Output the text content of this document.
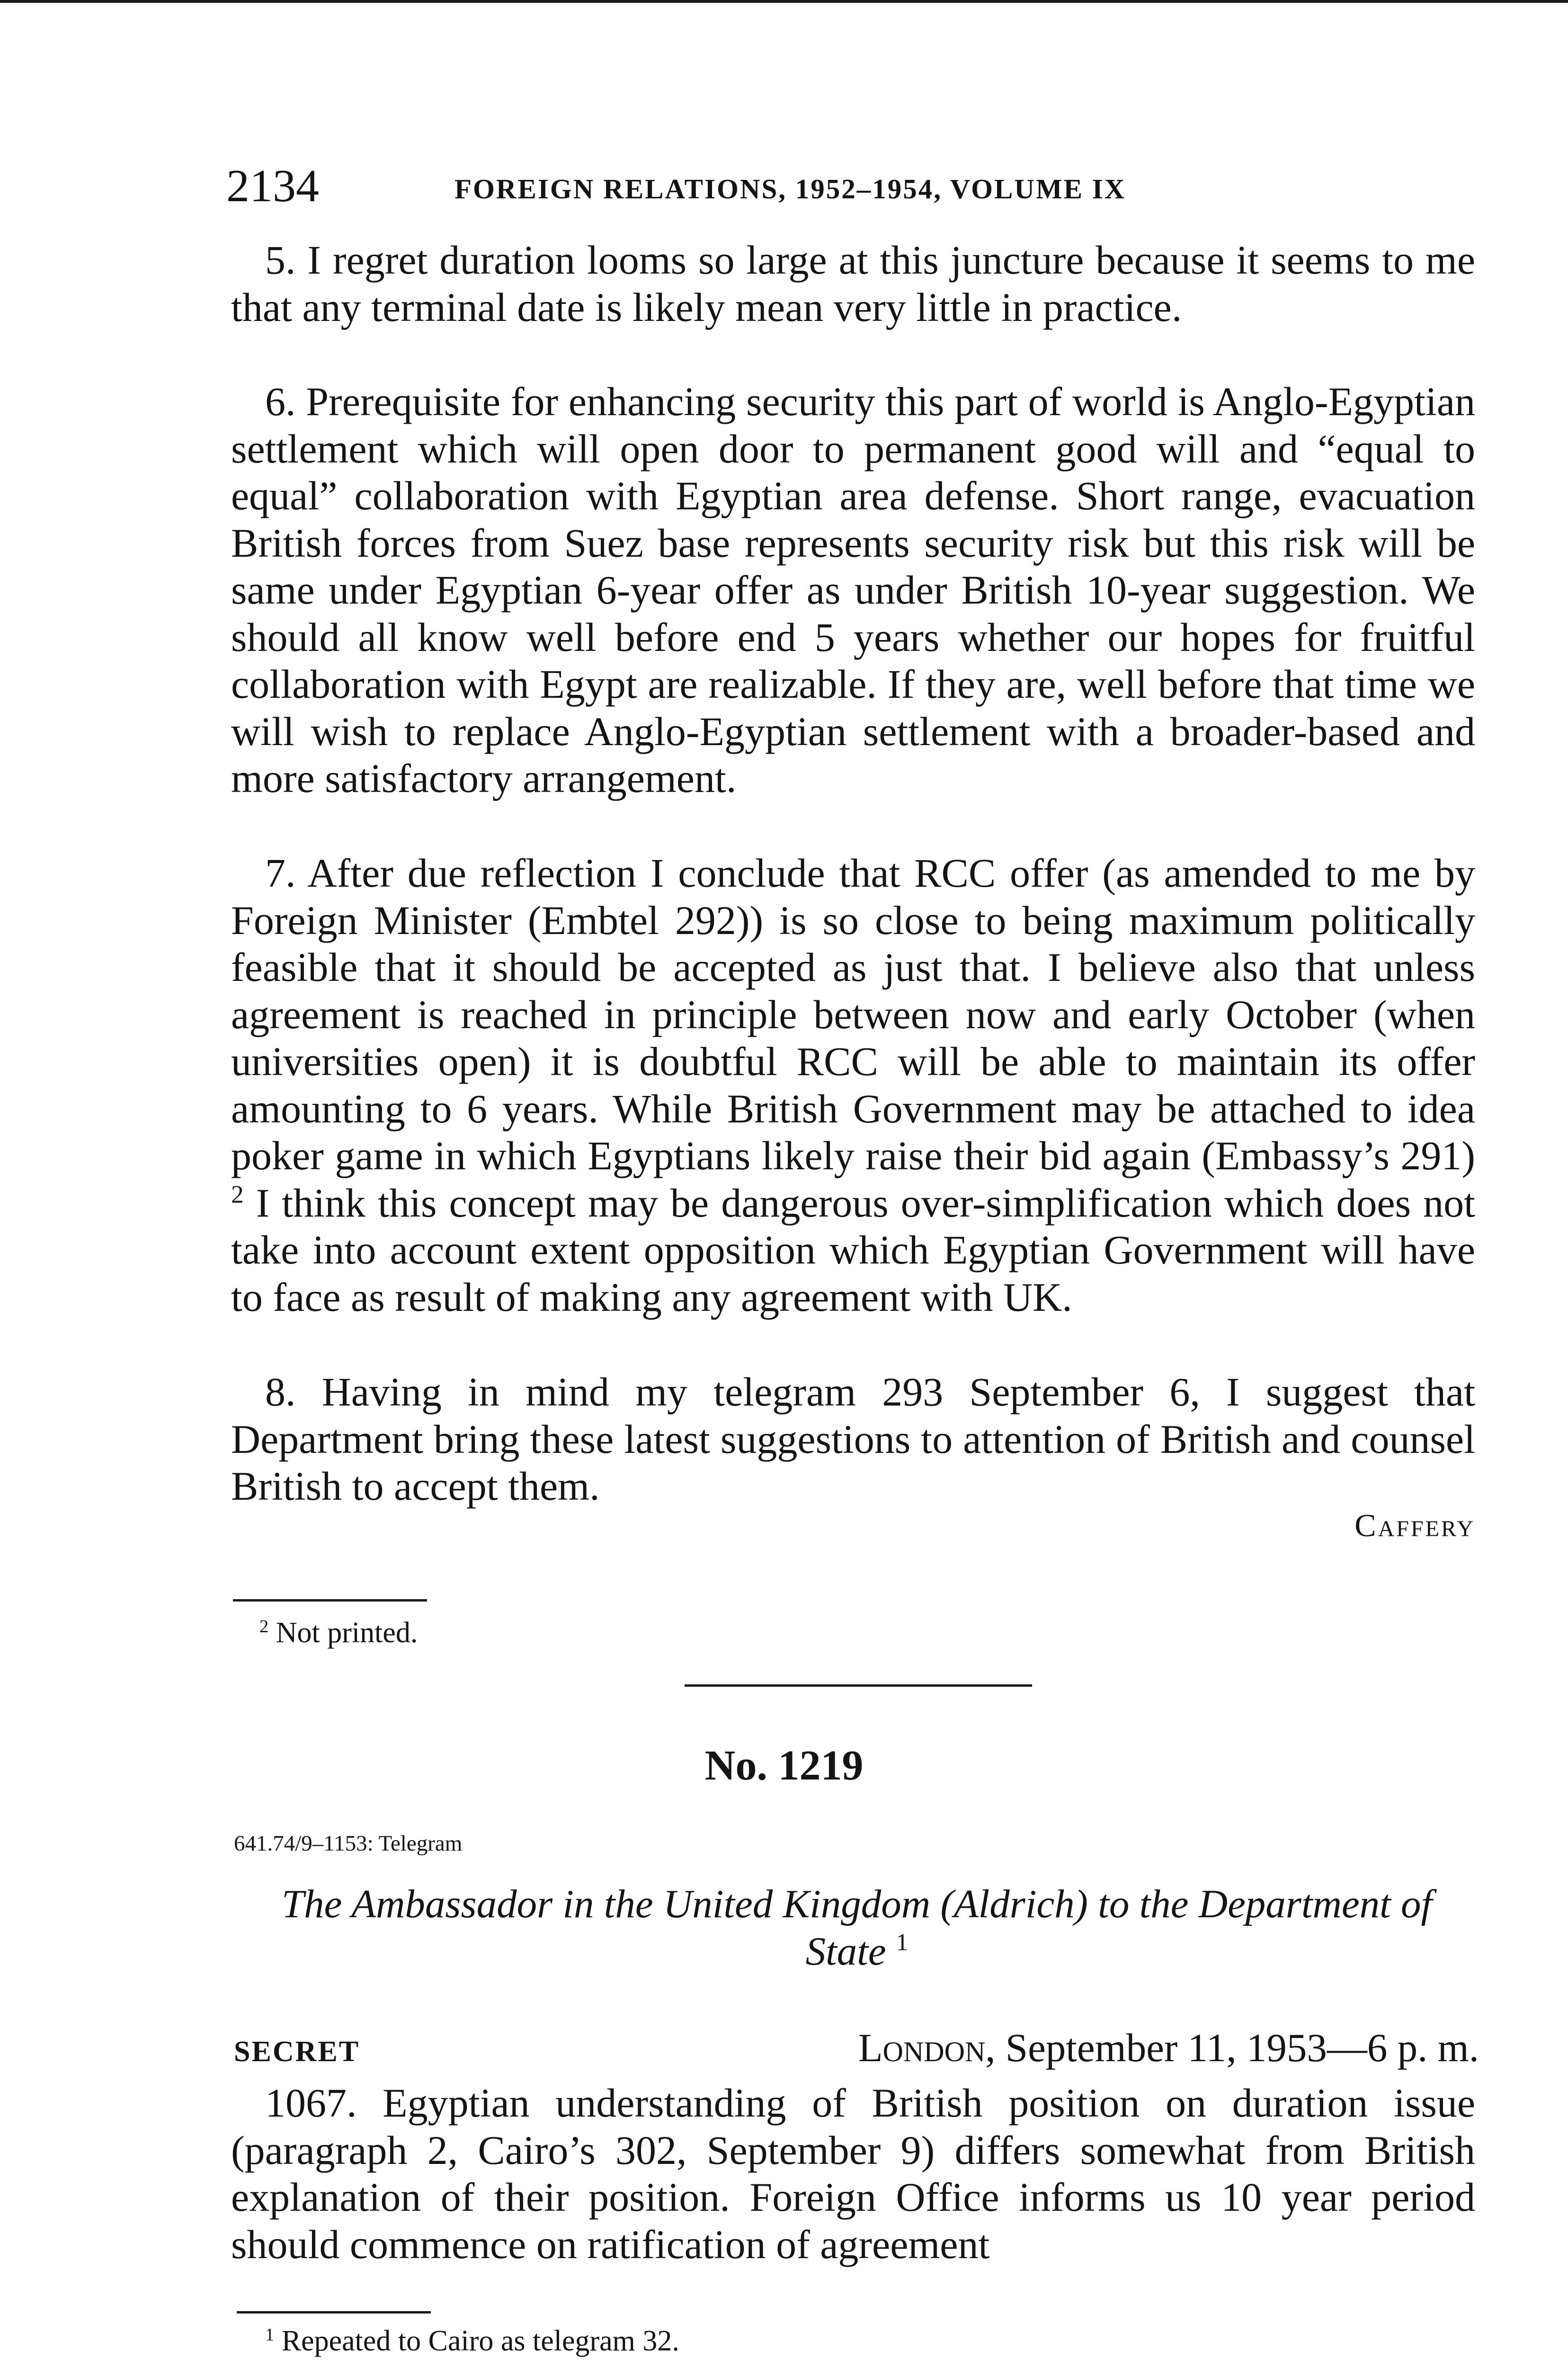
2134	FOREIGN RELATIONS, 1952–1954, VOLUME IX

5. I regret duration looms so large at this juncture because it seems to me that any terminal date is likely mean very little in practice.

6. Prerequisite for enhancing security this part of world is Anglo-Egyptian settlement which will open door to permanent good will and “equal to equal” collaboration with Egyptian area defense. Short range, evacuation British forces from Suez base represents security risk but this risk will be same under Egyptian 6-year offer as under British 10-year suggestion. We should all know well before end 5 years whether our hopes for fruitful collaboration with Egypt are realizable. If they are, well before that time we will wish to replace Anglo-Egyptian settlement with a broader-based and more satisfactory arrangement.

7. After due reflection I conclude that RCC offer (as amended to me by Foreign Minister (Embtel 292)) is so close to being maximum politically feasible that it should be accepted as just that. I believe also that unless agreement is reached in principle between now and early October (when universities open) it is doubtful RCC will be able to maintain its offer amounting to 6 years. While British Government may be attached to idea poker game in which Egyptians likely raise their bid again (Embassy’s 291) $^2$ I think this concept may be dangerous over-simplification which does not take into account extent opposition which Egyptian Government will have to face as result of making any agreement with UK.

8. Having in mind my telegram 293 September 6, I suggest that Department bring these latest suggestions to attention of British and counsel British to accept them.

Caffery
$^2$ Not printed.
No. 1219
641.74/9–1153: Telegram
The Ambassador in the United Kingdom (Aldrich) to the Department of State $^1$
SECRET	London, September 11, 1953—6 p. m.

1067. Egyptian understanding of British position on duration issue (paragraph 2, Cairo’s 302, September 9) differs somewhat from British explanation of their position. Foreign Office informs us 10 year period should commence on ratification of agreement

$^1$ Repeated to Cairo as telegram 32.
